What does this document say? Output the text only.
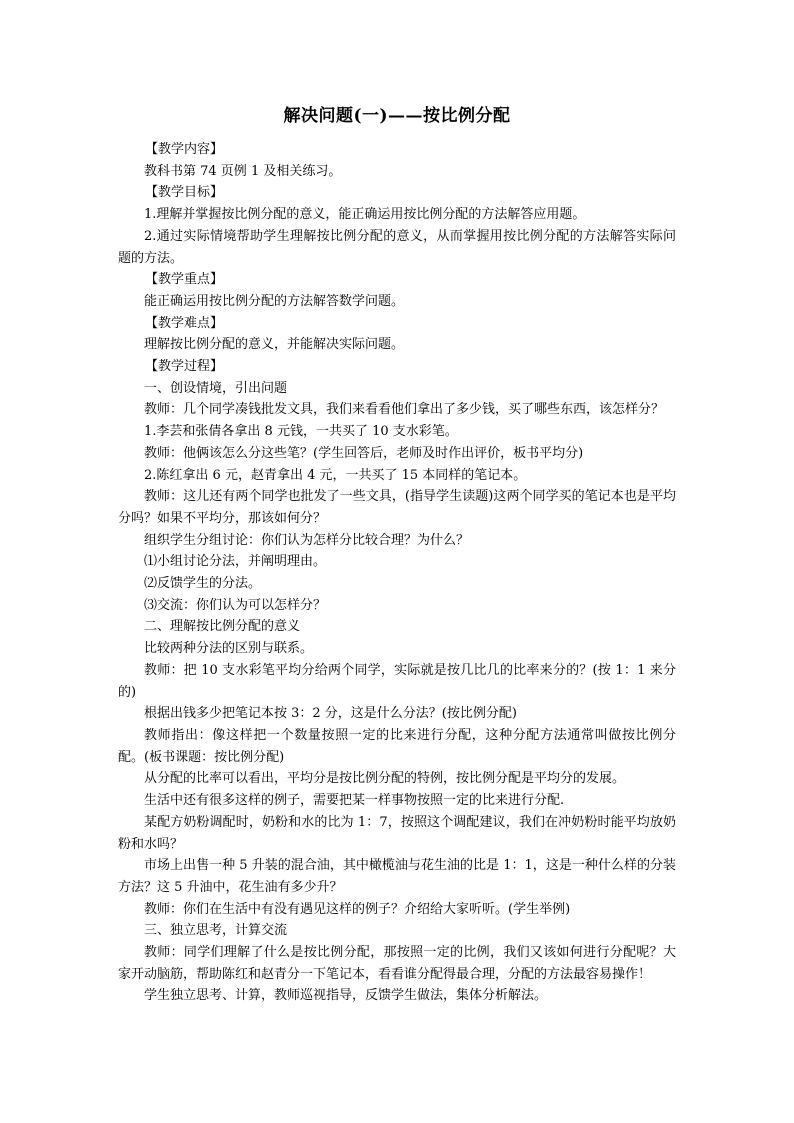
解决问题(一)——按比例分配

【教学内容】

教科书第 74 页例 1 及相关练习。

【教学目标】

1.理解并掌握按比例分配的意义，能正确运用按比例分配的方法解答应用题。

2.通过实际情境帮助学生理解按比例分配的意义，从而掌握用按比例分配的方法解答实际问题的方法。

【教学重点】

能正确运用按比例分配的方法解答数学问题。

【教学难点】

理解按比例分配的意义，并能解决实际问题。

【教学过程】

一、创设情境，引出问题

教师：几个同学凑钱批发文具，我们来看看他们拿出了多少钱，买了哪些东西，该怎样分？

1.李芸和张倩各拿出 8 元钱，一共买了 10 支水彩笔。

教师：他俩该怎么分这些笔？(学生回答后，老师及时作出评价，板书平均分)

2.陈红拿出 6 元，赵青拿出 4 元，一共买了 15 本同样的笔记本。

教师：这儿还有两个同学也批发了一些文具，(指导学生读题)这两个同学买的笔记本也是平均分吗？如果不平均分，那该如何分？

组织学生分组讨论：你们认为怎样分比较合理？为什么？

⑴小组讨论分法，并阐明理由。

⑵反馈学生的分法。

⑶交流：你们认为可以怎样分？

二、理解按比例分配的意义

比较两种分法的区别与联系。

教师：把 10 支水彩笔平均分给两个同学，实际就是按几比几的比率来分的？(按 1：1 来分的)

根据出钱多少把笔记本按 3：2 分，这是什么分法？(按比例分配)

教师指出：像这样把一个数量按照一定的比来进行分配，这种分配方法通常叫做按比例分配。(板书课题：按比例分配)

从分配的比率可以看出，平均分是按比例分配的特例，按比例分配是平均分的发展。

生活中还有很多这样的例子，需要把某一样事物按照一定的比来进行分配.

某配方奶粉调配时，奶粉和水的比为 1：7，按照这个调配建议，我们在冲奶粉时能平均放奶粉和水吗？

市场上出售一种 5 升装的混合油，其中橄榄油与花生油的比是 1：1，这是一种什么样的分装方法？这 5 升油中，花生油有多少升？

教师：你们在生活中有没有遇见这样的例子？介绍给大家听听。(学生举例)

三、独立思考，计算交流

教师：同学们理解了什么是按比例分配，那按照一定的比例，我们又该如何进行分配呢？大家开动脑筋，帮助陈红和赵青分一下笔记本，看看谁分配得最合理，分配的方法最容易操作！

学生独立思考、计算，教师巡视指导，反馈学生做法，集体分析解法。
